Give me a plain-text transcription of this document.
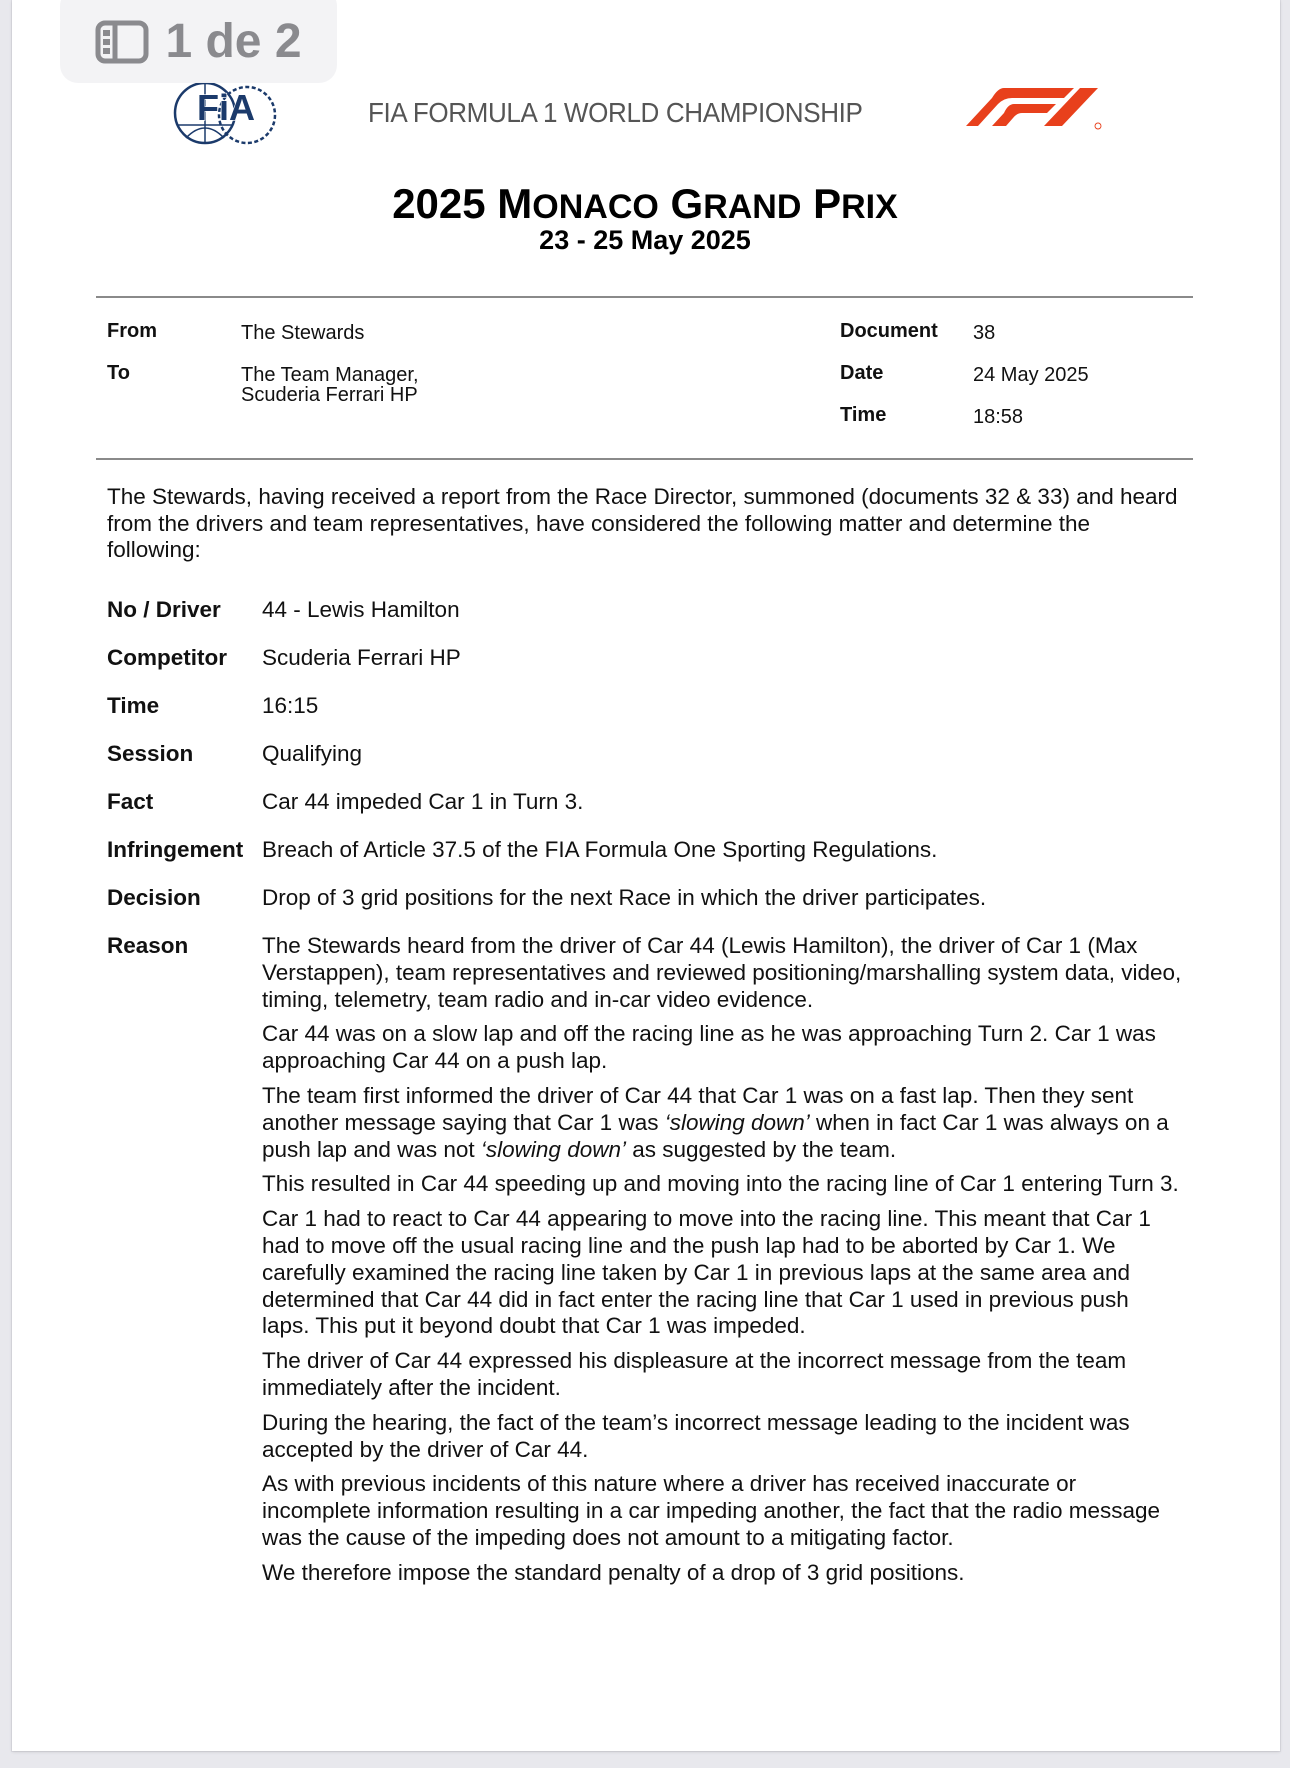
1 de 2
FiA	FIA FORMULA 1 WORLD CHAMPIONSHIP
2025 MONACO GRAND PRIX
23 - 25 May 2025
From	The Stewards
To	The Team Manager,
Scuderia Ferrari HP
Document 38
Date	24 May 2025
Time	18:58
The Stewards, having received a report from the Race Director, summoned (documents 32 & 33) and heard from the drivers and team representatives, have considered the following matter and determine the following:
No / Driver 44 - Lewis Hamilton
Competitor Scuderia Ferrari HP
Time	16:15
Session	Qualifying
Fact	Car 44 impeded Car 1 in Turn 3.
Infringement Breach of Article 37.5 of the FIA Formula One Sporting Regulations.
Decision	Drop of 3 grid positions for the next Race in which the driver participates.
Reason	The Stewards heard from the driver of Car 44 (Lewis Hamilton), the driver of Car 1 (Max Verstappen), team representatives and reviewed positioning/marshalling system data, video, timing, telemetry, team radio and in-car video evidence.

Car 44 was on a slow lap and off the racing line as he was approaching Turn 2. Car 1 was approaching Car 44 on a push lap.

The team first informed the driver of Car 44 that Car 1 was on a fast lap. Then they sent another message saying that Car 1 was ‘slowing down’ when in fact Car 1 was always on a push lap and was not ‘slowing down’ as suggested by the team.

This resulted in Car 44 speeding up and moving into the racing line of Car 1 entering Turn 3.

Car 1 had to react to Car 44 appearing to move into the racing line. This meant that Car 1 had to move off the usual racing line and the push lap had to be aborted by Car 1. We carefully examined the racing line taken by Car 1 in previous laps at the same area and determined that Car 44 did in fact enter the racing line that Car 1 used in previous push laps. This put it beyond doubt that Car 1 was impeded.

The driver of Car 44 expressed his displeasure at the incorrect message from the team immediately after the incident.

During the hearing, the fact of the team’s incorrect message leading to the incident was accepted by the driver of Car 44.

As with previous incidents of this nature where a driver has received inaccurate or incomplete information resulting in a car impeding another, the fact that the radio message was the cause of the impeding does not amount to a mitigating factor.

We therefore impose the standard penalty of a drop of 3 grid positions.
